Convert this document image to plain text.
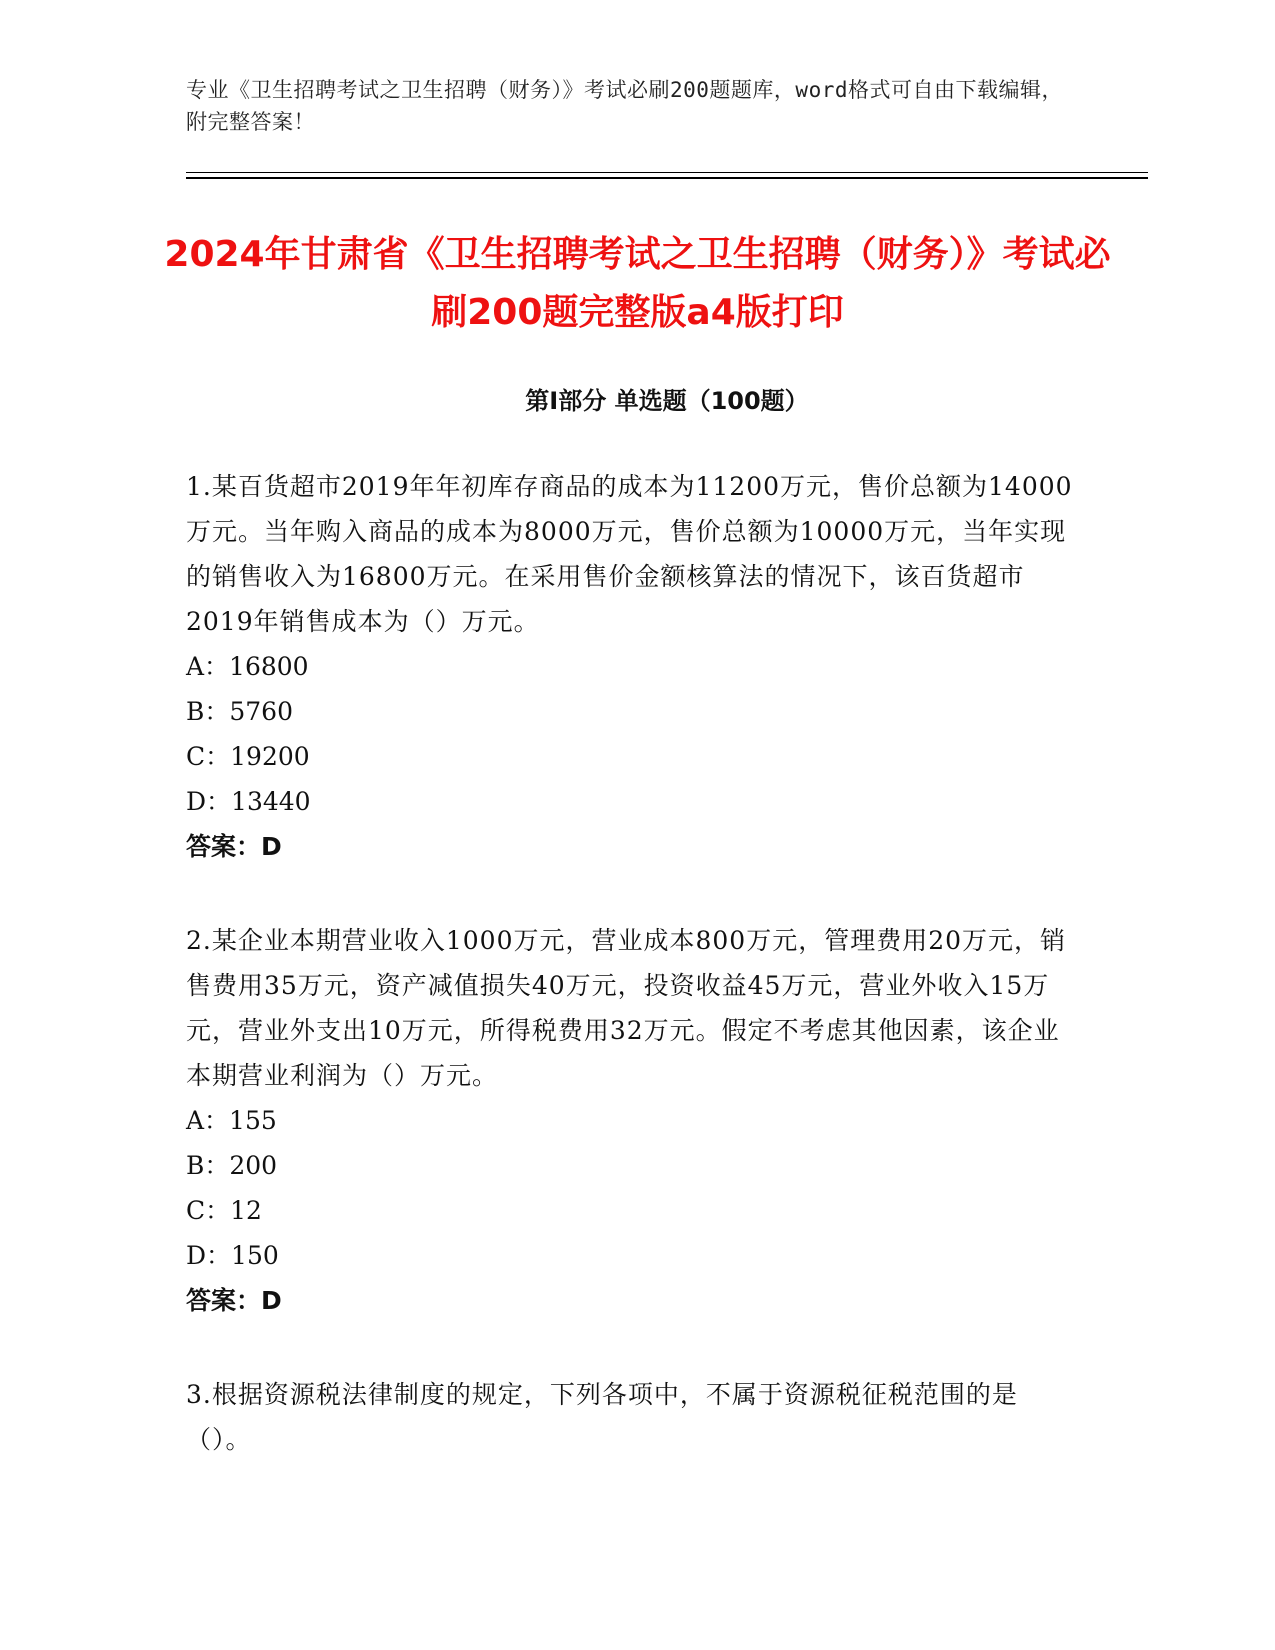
专业《卫生招聘考试之卫生招聘（财务）》考试必刷200题题库，word格式可自由下载编辑，附完整答案！
2024年甘肃省《卫生招聘考试之卫生招聘（财务）》考试必刷200题完整版a4版打印
第Ⅰ部分 单选题（100题）
1.某百货超市2019年年初库存商品的成本为11200万元，售价总额为14000万元。当年购入商品的成本为8000万元，售价总额为10000万元，当年实现的销售收入为16800万元。在采用售价金额核算法的情况下，该百货超市2019年销售成本为（）万元。
A：16800
B：5760
C：19200
D：13440
答案：D
2.某企业本期营业收入1000万元，营业成本800万元，管理费用20万元，销售费用35万元，资产减值损失40万元，投资收益45万元，营业外收入15万元，营业外支出10万元，所得税费用32万元。假定不考虑其他因素，该企业本期营业利润为（）万元。
A：155
B：200
C：12
D：150
答案：D
3.根据资源税法律制度的规定，下列各项中，不属于资源税征税范围的是（）。
